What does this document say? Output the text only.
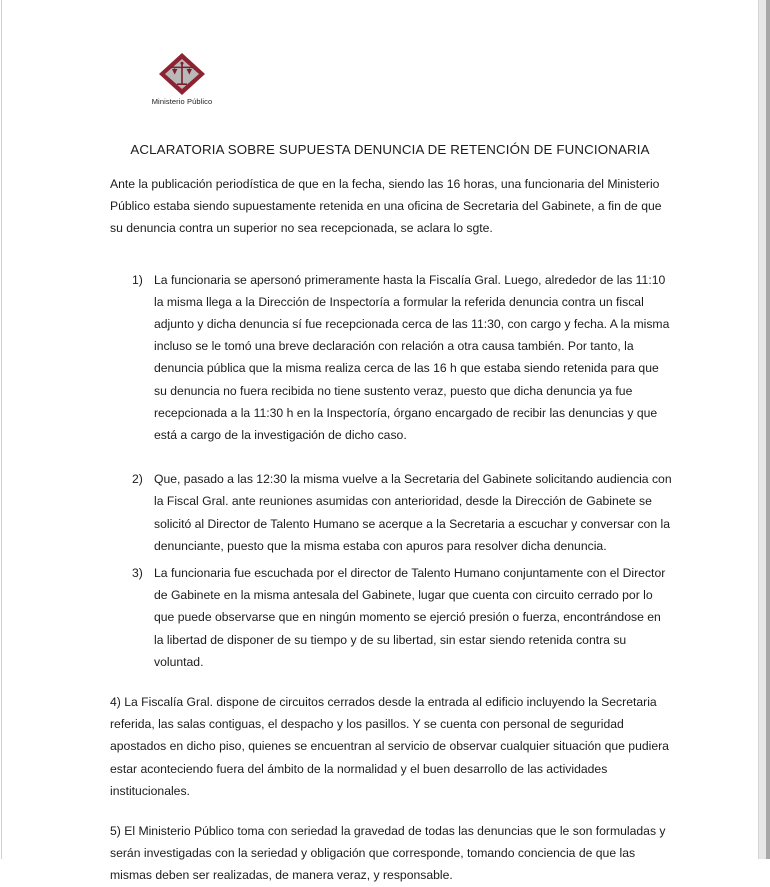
Ministerio Público
ACLARATORIA SOBRE SUPUESTA DENUNCIA DE RETENCIÓN DE FUNCIONARIA

Ante la publicación periodística de que en la fecha, siendo las 16 horas, una funcionaria del Ministerio Público estaba siendo supuestamente retenida en una oficina de Secretaria del Gabinete, a fin de que su denuncia contra un superior no sea recepcionada, se aclara lo sgte.

1) La funcionaria se apersonó primeramente hasta la Fiscalía Gral. Luego, alrededor de las 11:10 la misma llega a la Dirección de Inspectoría a formular la referida denuncia contra un fiscal adjunto y dicha denuncia sí fue recepcionada cerca de las 11:30, con cargo y fecha. A la misma incluso se le tomó una breve declaración con relación a otra causa también. Por tanto, la denuncia pública que la misma realiza cerca de las 16 h que estaba siendo retenida para que su denuncia no fuera recibida no tiene sustento veraz, puesto que dicha denuncia ya fue recepcionada a la 11:30 h en la Inspectoría, órgano encargado de recibir las denuncias y que está a cargo de la investigación de dicho caso.
2) Que, pasado a las 12:30 la misma vuelve a la Secretaria del Gabinete solicitando audiencia con la Fiscal Gral. ante reuniones asumidas con anterioridad, desde la Dirección de Gabinete se solicitó al Director de Talento Humano se acerque a la Secretaria a escuchar y conversar con la denunciante, puesto que la misma estaba con apuros para resolver dicha denuncia.
3) La funcionaria fue escuchada por el director de Talento Humano conjuntamente con el Director de Gabinete en la misma antesala del Gabinete, lugar que cuenta con circuito cerrado por lo que puede observarse que en ningún momento se ejerció presión o fuerza, encontrándose en la libertad de disponer de su tiempo y de su libertad, sin estar siendo retenida contra su voluntad.

4) La Fiscalía Gral. dispone de circuitos cerrados desde la entrada al edificio incluyendo la Secretaria referida, las salas contiguas, el despacho y los pasillos. Y se cuenta con personal de seguridad apostados en dicho piso, quienes se encuentran al servicio de observar cualquier situación que pudiera estar aconteciendo fuera del ámbito de la normalidad y el buen desarrollo de las actividades institucionales.

5) El Ministerio Público toma con seriedad la gravedad de todas las denuncias que le son formuladas y serán investigadas con la seriedad y obligación que corresponde, tomando conciencia de que las mismas deben ser realizadas, de manera veraz, y responsable.
